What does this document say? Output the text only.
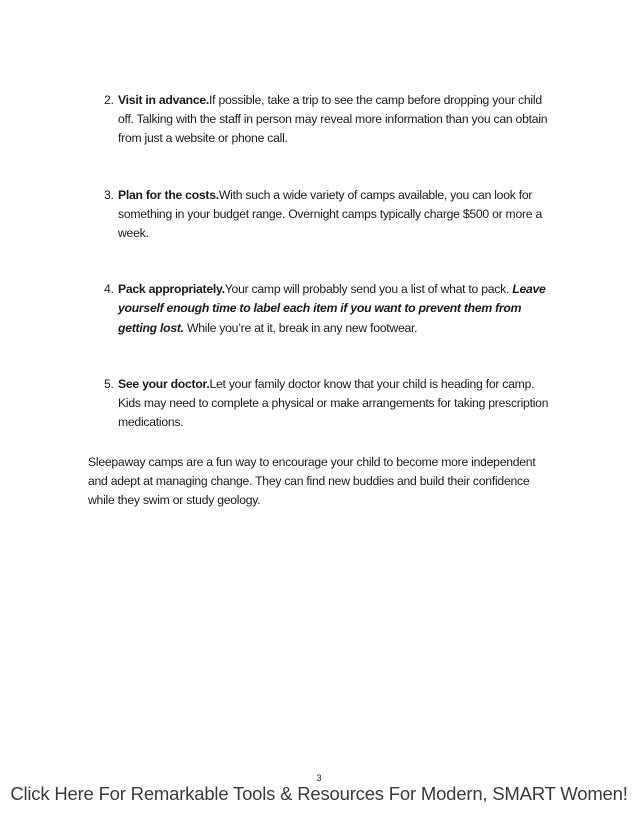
2. Visit in advance.If possible, take a trip to see the camp before dropping your child off. Talking with the staff in person may reveal more information than you can obtain from just a website or phone call.
3. Plan for the costs.With such a wide variety of camps available, you can look for something in your budget range. Overnight camps typically charge $500 or more a week.
4. Pack appropriately.Your camp will probably send you a list of what to pack. Leave yourself enough time to label each item if you want to prevent them from getting lost. While you’re at it, break in any new footwear.
5. See your doctor.Let your family doctor know that your child is heading for camp. Kids may need to complete a physical or make arrangements for taking prescription medications.
Sleepaway camps are a fun way to encourage your child to become more independent and adept at managing change. They can find new buddies and build their confidence while they swim or study geology.
3
Click Here For Remarkable Tools & Resources For Modern, SMART Women!
